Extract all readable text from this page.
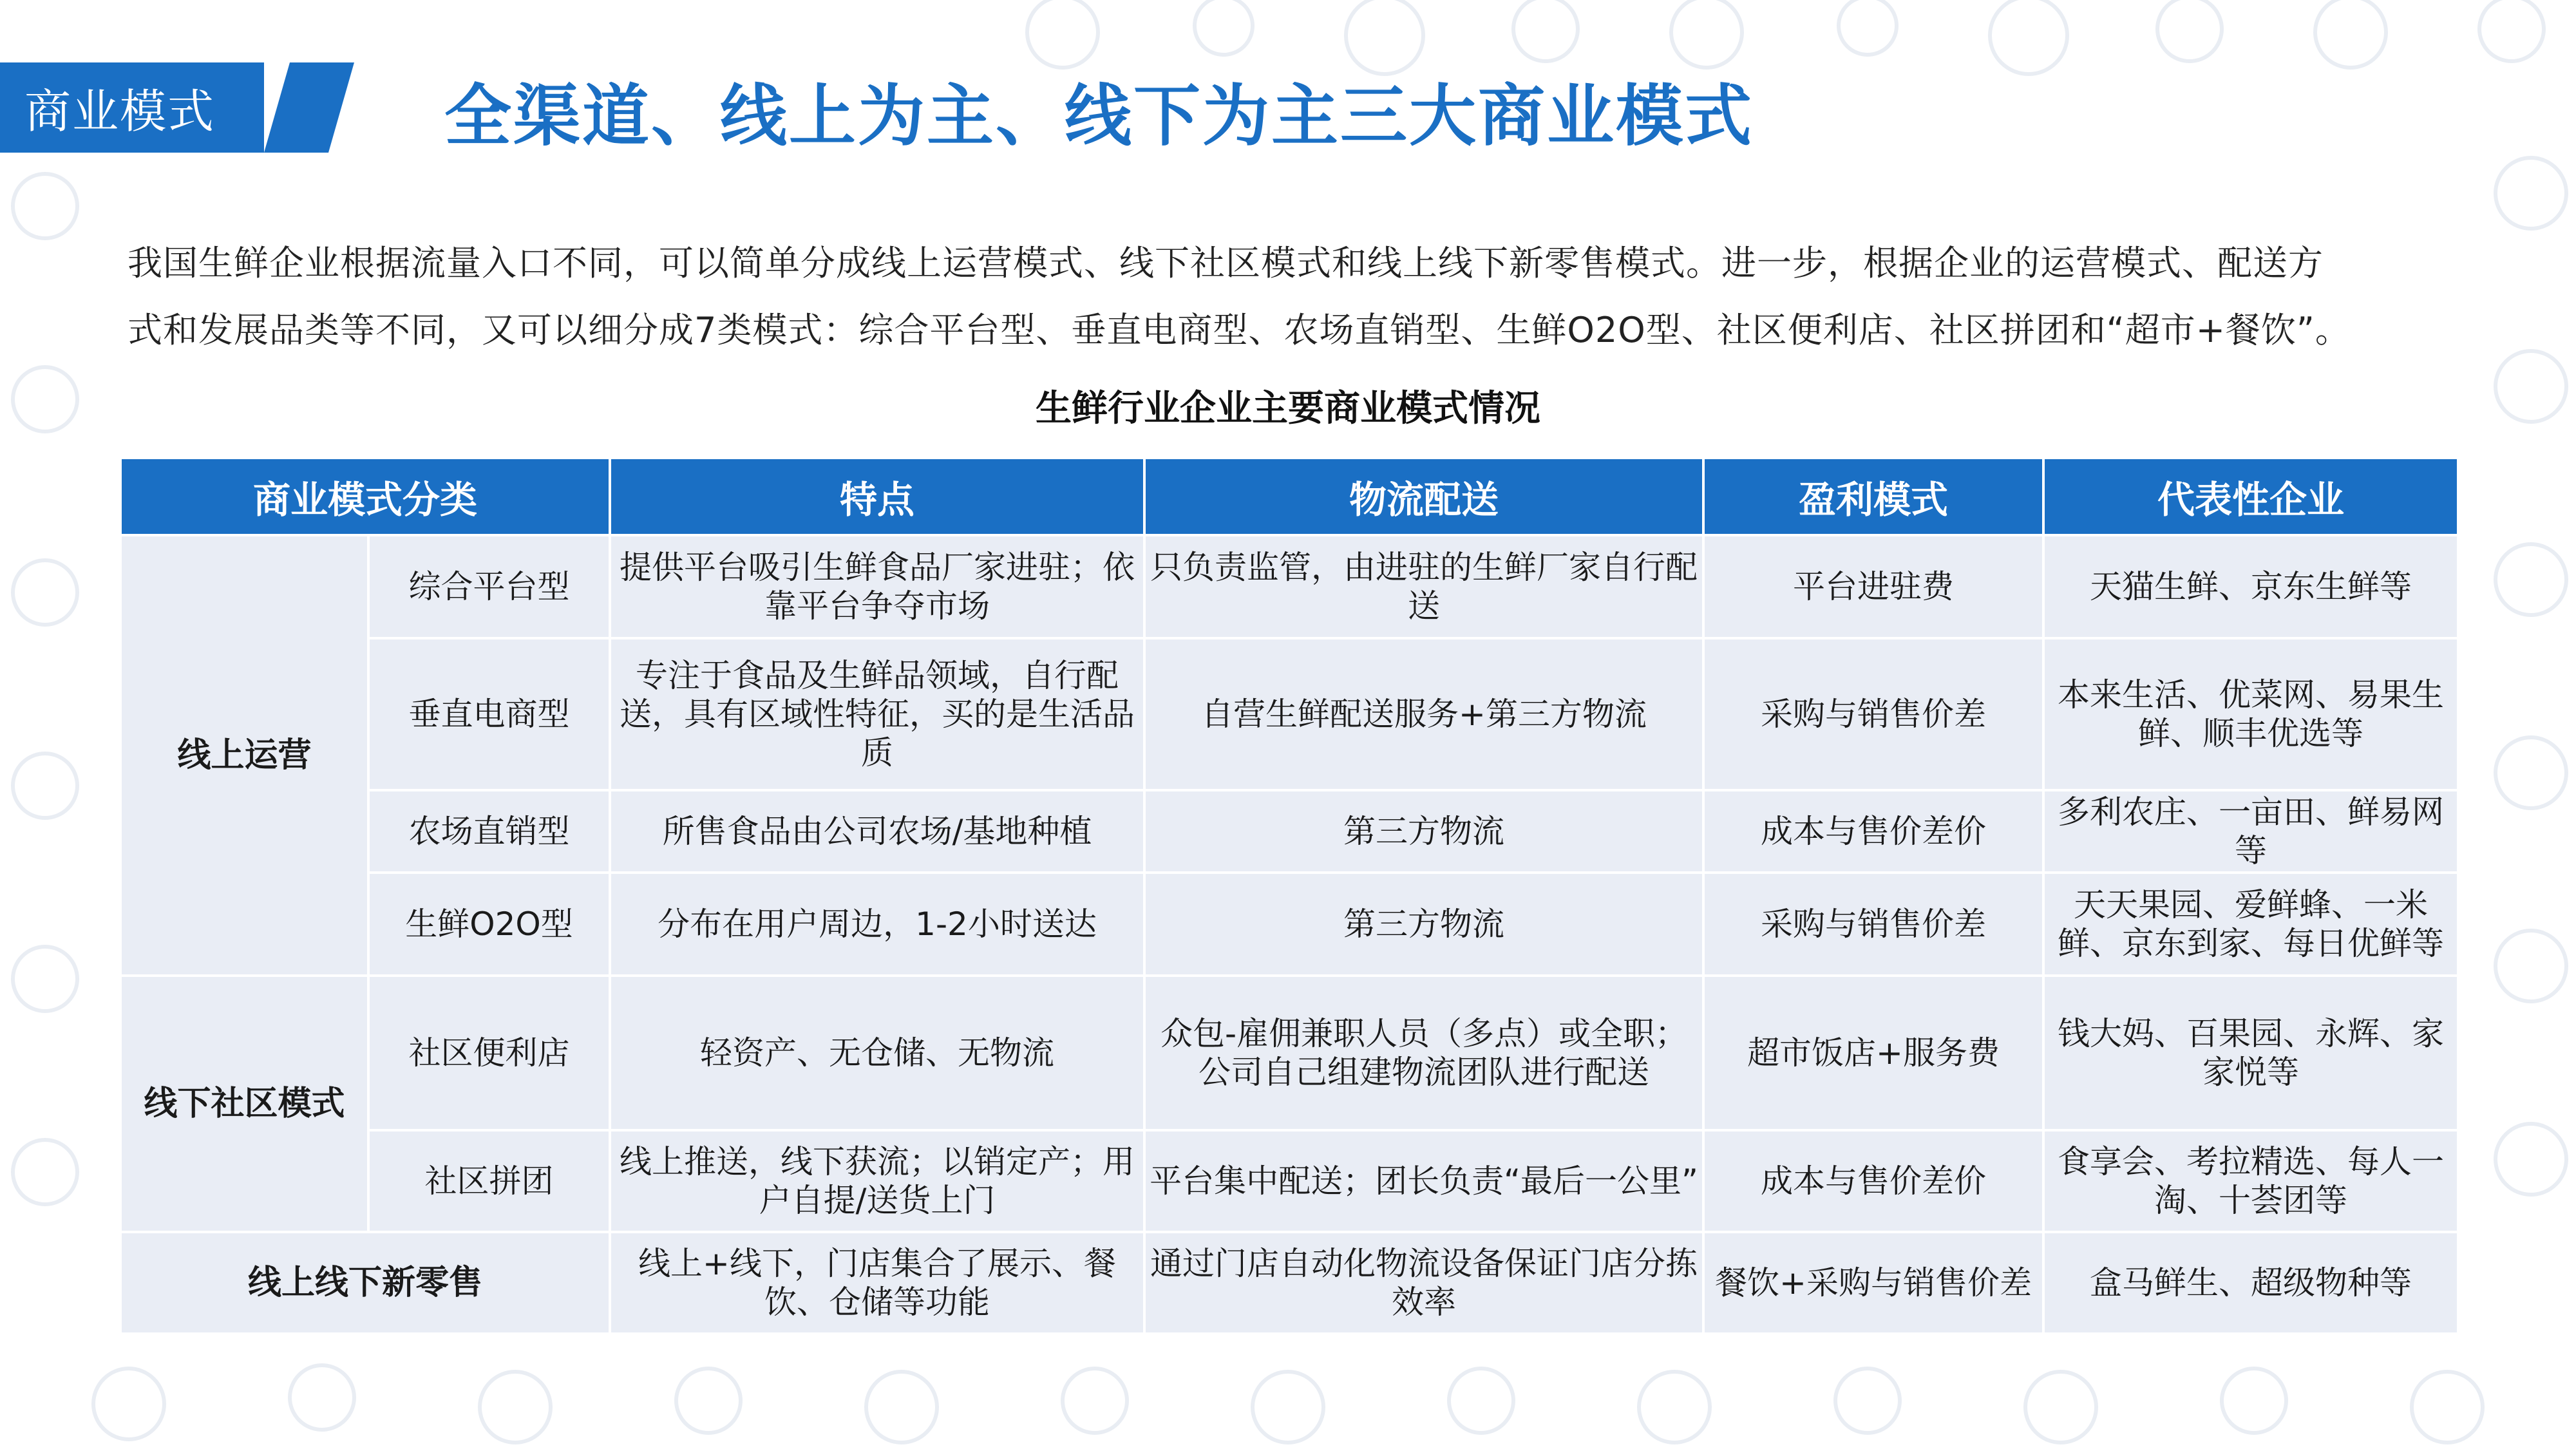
商业模式	全渠道、线上为主、线下为主三大商业模式
我国生鲜企业根据流量入口不同，可以简单分成线上运营模式、线下社区模式和线上线下新零售模式。进一步，根据企业的运营模式、配送方
式和发展品类等不同，又可以细分成7类模式：综合平台型、垂直电商型、农场直销型、生鲜O2O型、社区便利店、社区拼团和“超市+餐饮”。
生鲜行业企业主要商业模式情况
商业模式分类		特点	物流配送	盈利模式	代表性企业
线上运营	综合平台型	提供平台吸引生鲜食品厂家进驻；依靠平台争夺市场	只负责监管，由进驻的生鲜厂家自行配送	平台进驻费	天猫生鲜、京东生鲜等
	垂直电商型	专注于食品及生鲜品领域，自行配送，具有区域性特征，买的是生活品质	自营生鲜配送服务+第三方物流	采购与销售价差	本来生活、优菜网、易果生鲜、顺丰优选等
	农场直销型	所售食品由公司农场/基地种植	第三方物流	成本与售价差价	多利农庄、一亩田、鲜易网等
	生鲜O2O型	分布在用户周边，1-2小时送达	第三方物流	采购与销售价差	天天果园、爱鲜蜂、一米鲜、京东到家、每日优鲜等
线下社区模式	社区便利店	轻资产、无仓储、无物流	众包-雇佣兼职人员（多点）或全职；公司自己组建物流团队进行配送	超市饭店+服务费	钱大妈、百果园、永辉、家家悦等
	社区拼团	线上推送，线下获流；以销定产；用户自提/送货上门	平台集中配送；团长负责“最后一公里”	成本与售价差价	食享会、考拉精选、每人一淘、十荟团等
线上线下新零售		线上+线下，门店集合了展示、餐饮、仓储等功能	通过门店自动化物流设备保证门店分拣效率	餐饮+采购与销售价差	盒马鲜生、超级物种等
